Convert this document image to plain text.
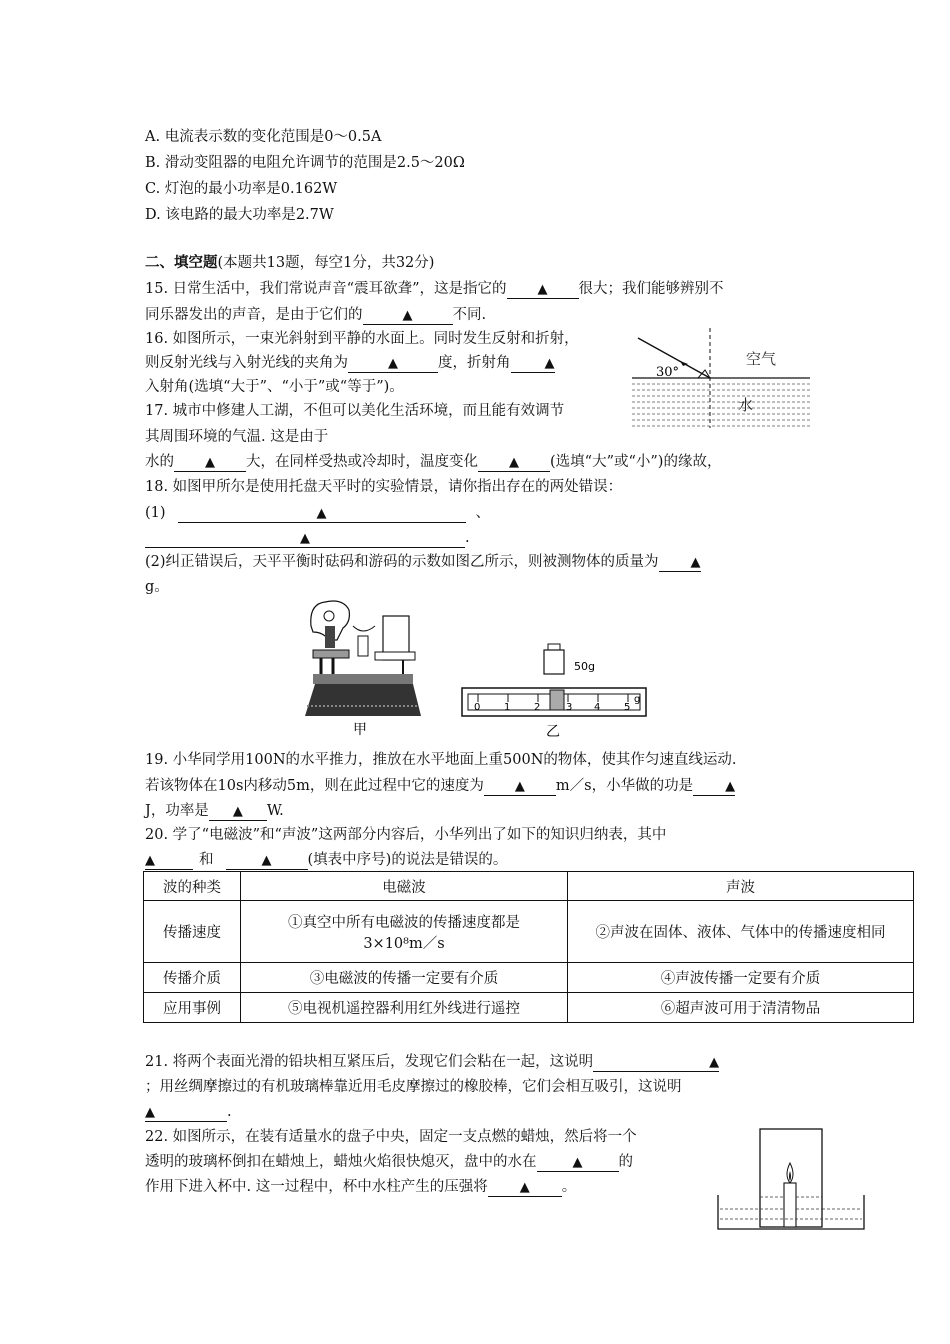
A. 电流表示数的变化范围是0～0.5A
B. 滑动变阻器的电阻允许调节的范围是2.5～20Ω
C. 灯泡的最小功率是0.162W
D. 该电路的最大功率是2.7W
二、填空题(本题共13题，每空1分，共32分)
15. 日常生活中，我们常说声音“震耳欲聋”，这是指它的 ▲ 很大；我们能够辨别不
同乐器发出的声音，是由于它们的	▲	不同.
16. 如图所示，一束光斜射到平静的水面上。同时发生反射和折射，
则反射光线与入射光线的夹角为	▲	度，折射角	▲
入射角(选填“大于”、“小于”或“等于”)。
30°
空气
水
17. 城市中修建人工湖，不但可以美化生活环境，而且能有效调节
其周围环境的气温. 这是由于
水的 ▲ 大，在同样受热或冷却时，温度变化 ▲ (选填“大”或“小”)的缘故，
18. 如图甲所尔是使用托盘天平时的实验情景，请你指出存在的两处错误：
(1)	▲	、
▲	.
(2)纠正错误后，天平平衡时砝码和游码的示数如图乙所示，则被测物体的质量为 ▲
g。
甲
50g
0 1 2	3 4 5
g
乙
19. 小华同学用100N的水平推力，推放在水平地面上重500N的物体，使其作匀速直线运动.
若该物体在10s内移动5m，则在此过程中它的速度为 ▲ m／s，小华做的功是 ▲
J，功率是 ▲ W.
20. 学了“电磁波”和“声波”这两部分内容后，小华列出了如下的知识归纳表，其中
▲	和	▲ (填表中序号)的说法是错误的。
波的种类	电磁波	声波
传播速度	①真空中所有电磁波的传播速度都是
3×10⁸m／s	②声波在固体、液体、气体中的传播速度相同
传播介质	③电磁波的传播一定要有介质	④声波传播一定要有介质
应用事例	⑤电视机遥控器利用红外线进行遥控	⑥超声波可用于清清物品
21. 将两个表面光滑的铅块相互紧压后，发现它们会粘在一起，这说明	▲
；用丝绸摩擦过的有机玻璃棒靠近用毛皮摩擦过的橡胶棒，它们会相互吸引，这说明
▲	.
22. 如图所示，在装有适量水的盘子中央，固定一支点燃的蜡烛，然后将一个
透明的玻璃杯倒扣在蜡烛上，蜡烛火焰很快熄灭，盘中的水在	▲ 的
作用下进入杯中. 这一过程中，杯中水柱产生的压强将 ▲ 。
